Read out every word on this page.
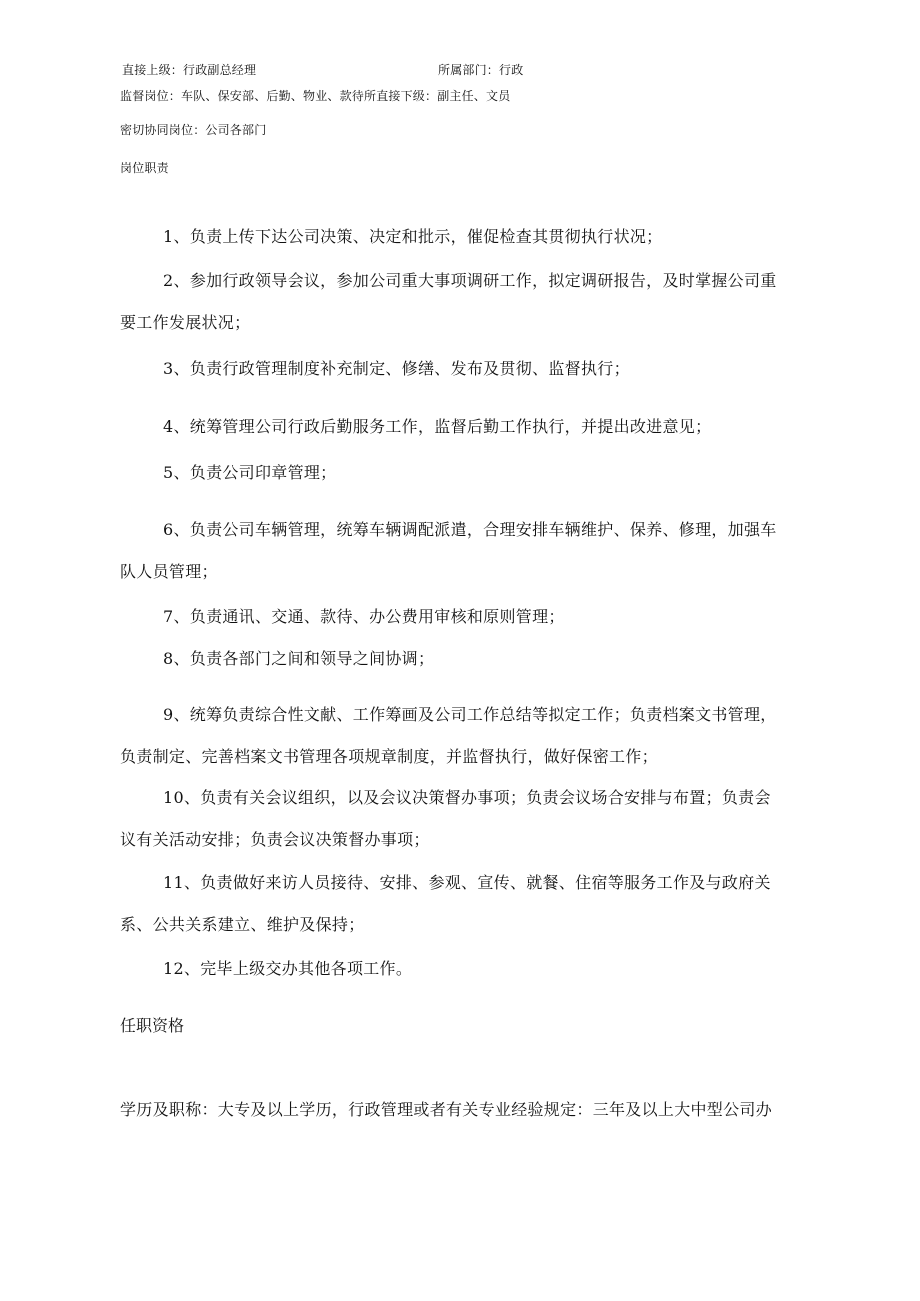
直接上级：行政副总经理	所属部门：行政
监督岗位：车队、保安部、后勤、物业、款待所直接下级：副主任、文员
密切协同岗位：公司各部门
岗位职责
1、负责上传下达公司决策、决定和批示，催促检查其贯彻执行状况；
2、参加行政领导会议，参加公司重大事项调研工作，拟定调研报告，及时掌握公司重
要工作发展状况；
3、负责行政管理制度补充制定、修缮、发布及贯彻、监督执行；
4、统筹管理公司行政后勤服务工作，监督后勤工作执行，并提出改进意见；
5、负责公司印章管理；
6、负责公司车辆管理，统筹车辆调配派遣，合理安排车辆维护、保养、修理，加强车
队人员管理；
7、负责通讯、交通、款待、办公费用审核和原则管理；
8、负责各部门之间和领导之间协调；
9、统筹负责综合性文献、工作筹画及公司工作总结等拟定工作；负责档案文书管理，
负责制定、完善档案文书管理各项规章制度，并监督执行，做好保密工作；
10、负责有关会议组织，以及会议决策督办事项；负责会议场合安排与布置；负责会
议有关活动安排；负责会议决策督办事项；
11、负责做好来访人员接待、安排、参观、宣传、就餐、住宿等服务工作及与政府关
系、公共关系建立、维护及保持；
12、完毕上级交办其他各项工作。
任职资格
学历及职称：大专及以上学历，行政管理或者有关专业经验规定：三年及以上大中型公司办
